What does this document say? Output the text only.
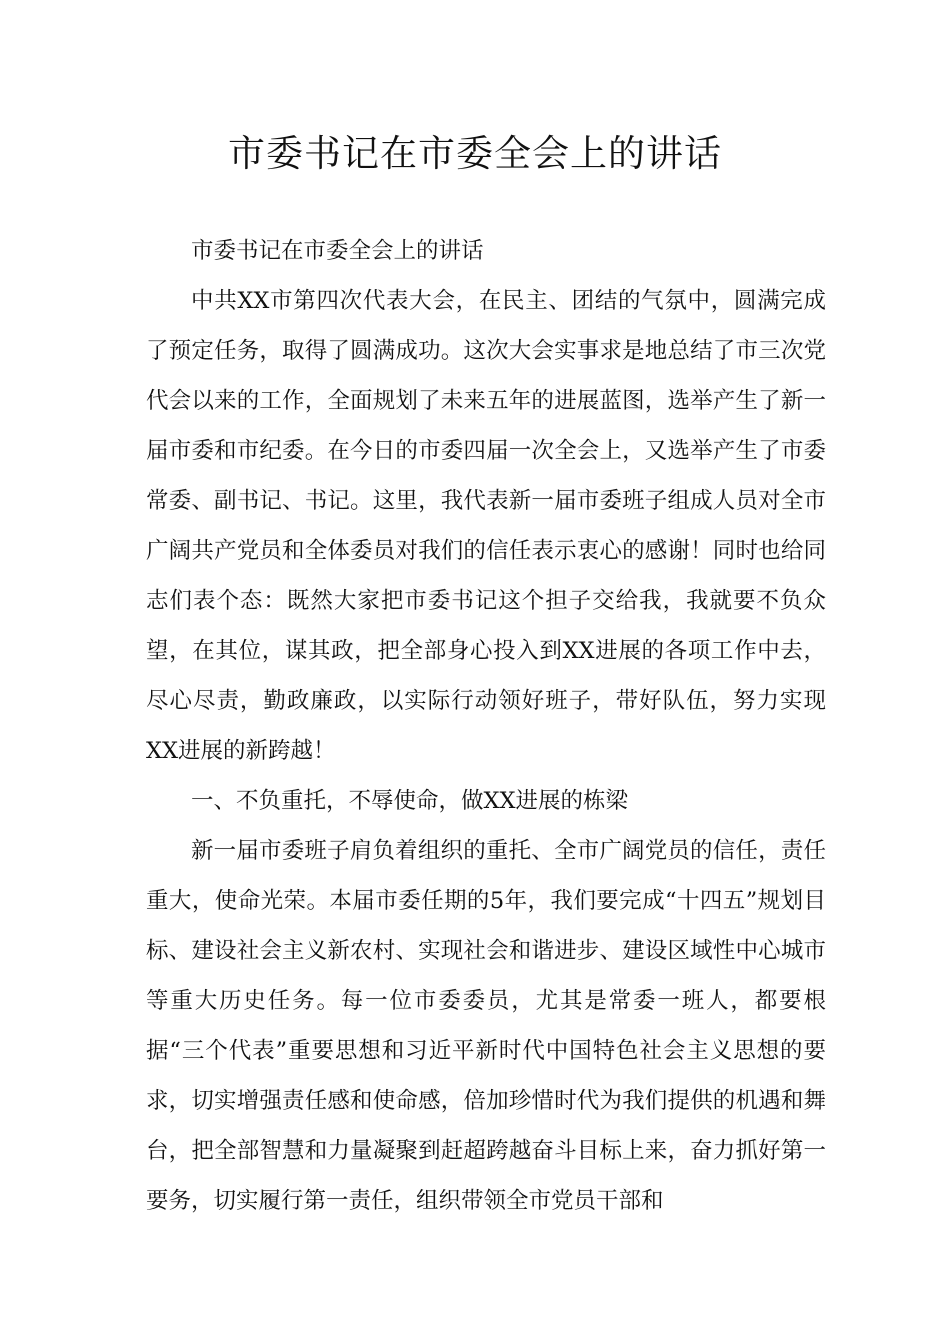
市委书记在市委全会上的讲话

市委书记在市委全会上的讲话

中共XX市第四次代表大会，在民主、团结的气氛中，圆满完成了预定任务，取得了圆满成功。这次大会实事求是地总结了市三次党代会以来的工作，全面规划了未来五年的进展蓝图，选举产生了新一届市委和市纪委。在今日的市委四届一次全会上，又选举产生了市委常委、副书记、书记。这里，我代表新一届市委班子组成人员对全市广阔共产党员和全体委员对我们的信任表示衷心的感谢！同时也给同志们表个态：既然大家把市委书记这个担子交给我，我就要不负众望，在其位，谋其政，把全部身心投入到XX进展的各项工作中去，尽心尽责，勤政廉政，以实际行动领好班子，带好队伍，努力实现XX进展的新跨越！

一、不负重托，不辱使命，做XX进展的栋梁

新一届市委班子肩负着组织的重托、全市广阔党员的信任，责任重大，使命光荣。本届市委任期的5年，我们要完成“十四五”规划目标、建设社会主义新农村、实现社会和谐进步、建设区域性中心城市等重大历史任务。每一位市委委员，尤其是常委一班人，都要根据“三个代表”重要思想和习近平新时代中国特色社会主义思想的要求，切实增强责任感和使命感，倍加珍惜时代为我们提供的机遇和舞台，把全部智慧和力量凝聚到赶超跨越奋斗目标上来，奋力抓好第一要务，切实履行第一责任，组织带领全市党员干部和
